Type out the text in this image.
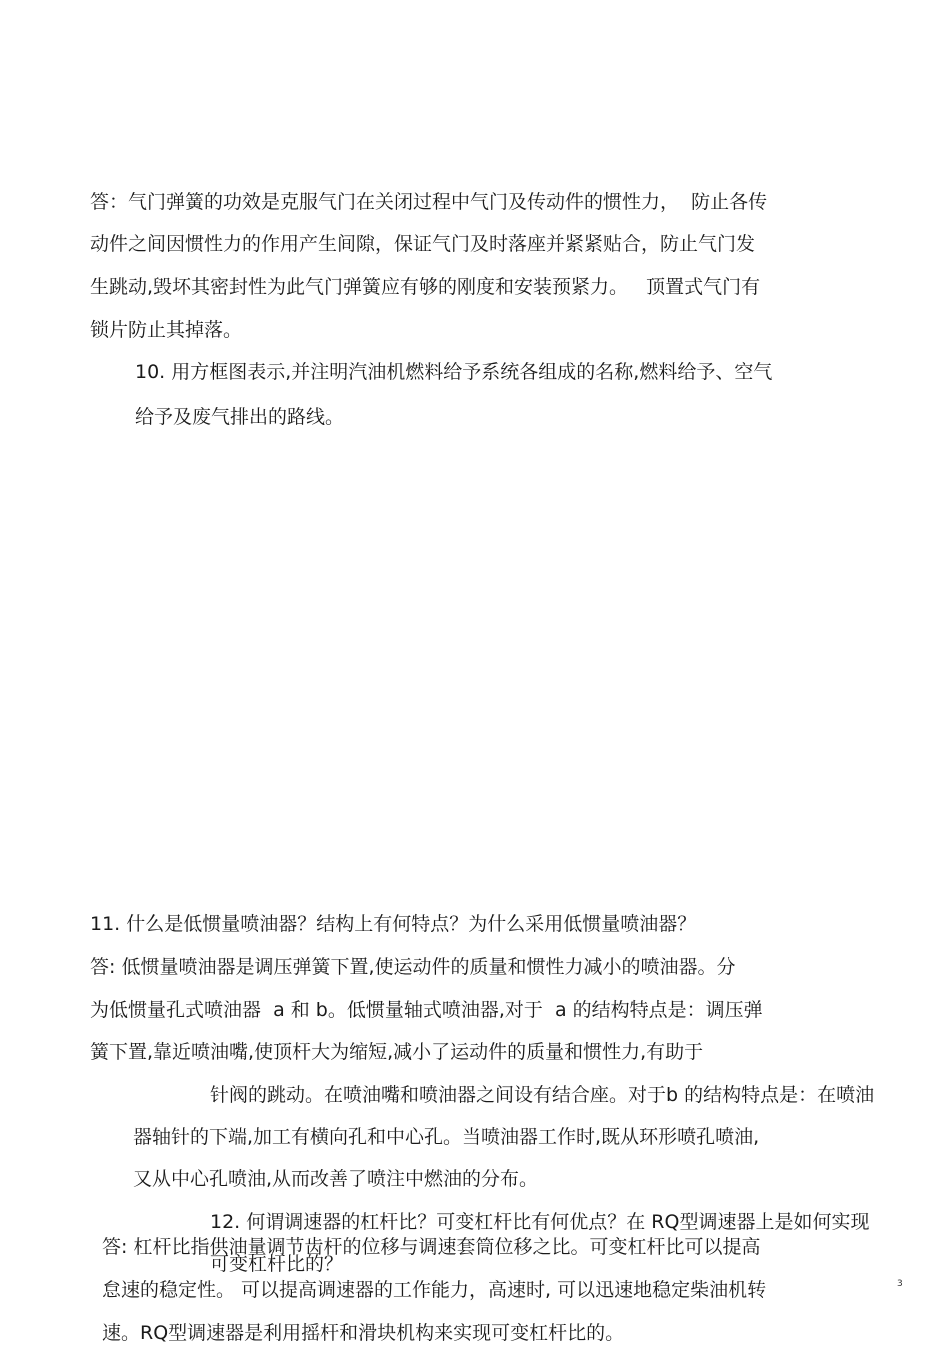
答：气门弹簧的功效是克服气门在关闭过程中气门及传动件的惯性力，  防止各传
动件之间因惯性力的作用产生间隙，保证气门及时落座并紧紧贴合，防止气门发
生跳动,毁坏其密封性为此气门弹簧应有够的刚度和安装预紧力。   顶置式气门有
锁片防止其掉落。
10. 用方框图表示,并注明汽油机燃料给予系统各组成的名称,燃料给予、空气
给予及废气排出的路线。
11. 什么是低惯量喷油器？结构上有何特点？为什么采用低惯量喷油器？
答: 低惯量喷油器是调压弹簧下置,使运动件的质量和惯性力减小的喷油器。分
为低惯量孔式喷油器  a 和 b。低惯量轴式喷油器,对于  a 的结构特点是：调压弹
簧下置,靠近喷油嘴,使顶杆大为缩短,减小了运动件的质量和惯性力,有助于
针阀的跳动。在喷油嘴和喷油器之间设有结合座。对于b 的结构特点是：在喷油
器轴针的下端,加工有横向孔和中心孔。当喷油器工作时,既从环形喷孔喷油,
又从中心孔喷油,从而改善了喷注中燃油的分布。
12. 何谓调速器的杠杆比？可变杠杆比有何优点？在 RQ型调速器上是如何实现
可变杠杆比的？
答: 杠杆比指供油量调节齿杆的位移与调速套筒位移之比。可变杠杆比可以提高
怠速的稳定性。 可以提高调速器的工作能力，高速时, 可以迅速地稳定柴油机转
速。RQ型调速器是利用摇杆和滑块机构来实现可变杠杆比的。
3
